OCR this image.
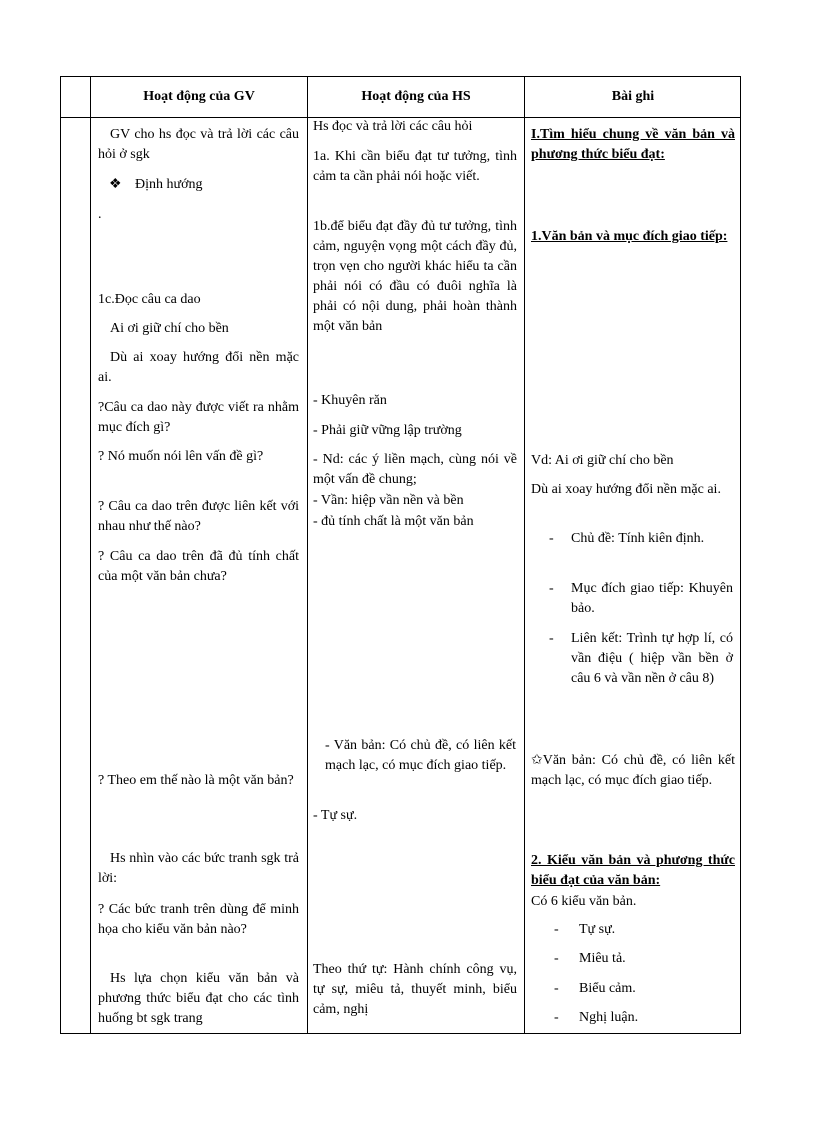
Hoạt động của GV	Hoạt động của HS	Bài ghi
GV cho hs đọc và trả lời các câu hỏi ở sgk
❖ Định hướng
.
1c.Đọc câu ca dao
Ai ơi giữ chí cho bền
Dù ai xoay hướng đổi nền mặc ai.
?Câu ca dao này được viết ra nhằm mục đích gì?
? Nó muốn nói lên vấn đề gì?
? Câu ca dao trên được liên kết với nhau như thế nào?
? Câu ca dao trên đã đủ tính chất của một văn bản chưa?
? Theo em thế nào là một văn bản?
Hs nhìn vào các bức tranh sgk trả lời:
? Các bức tranh trên dùng để minh họa cho kiểu văn bản nào?
Hs lựa chọn kiểu văn bản và phương thức biểu đạt cho các tình huống bt sgk trang
Hs đọc và trả lời các câu hỏi
1a. Khi cần biểu đạt tư tưởng, tình cảm ta cần phải nói hoặc viết.
1b.để biểu đạt đầy đủ tư tưởng, tình cảm, nguyện vọng một cách đầy đủ, trọn vẹn cho người khác hiểu ta cần phải nói có đầu có đuôi nghĩa là phải có nội dung, phải hoàn thành một văn bản
- Khuyên răn
- Phải giữ vững lập trường
- Nd: các ý liền mạch, cùng nói về một vấn đề chung;
- Vần: hiệp vần nền và bền
- đủ tính chất là một văn bản
- Văn bản: Có chủ đề, có liên kết mạch lạc, có mục đích giao tiếp.
- Tự sự.
Theo thứ tự: Hành chính công vụ, tự sự, miêu tả, thuyết minh, biểu cảm, nghị
I.Tìm hiểu chung về văn bản và phương thức biểu đạt:
1.Văn bản và mục đích giao tiếp:
Vd: Ai ơi giữ chí cho bền
Dù ai xoay hướng đổi nền mặc ai.
- Chủ đề: Tính kiên định.
- Mục đích giao tiếp: Khuyên bảo.
- Liên kết: Trình tự hợp lí, có vần điệu ( hiệp vần bền ở câu 6 và vần nền ở câu 8)
✩Văn bản: Có chủ đề, có liên kết mạch lạc, có mục đích giao tiếp.
2. Kiểu văn bản và phương thức biểu đạt của văn bản:
Có 6 kiểu văn bản.
- Tự sự.
- Miêu tả.
- Biểu cảm.
- Nghị luận.
